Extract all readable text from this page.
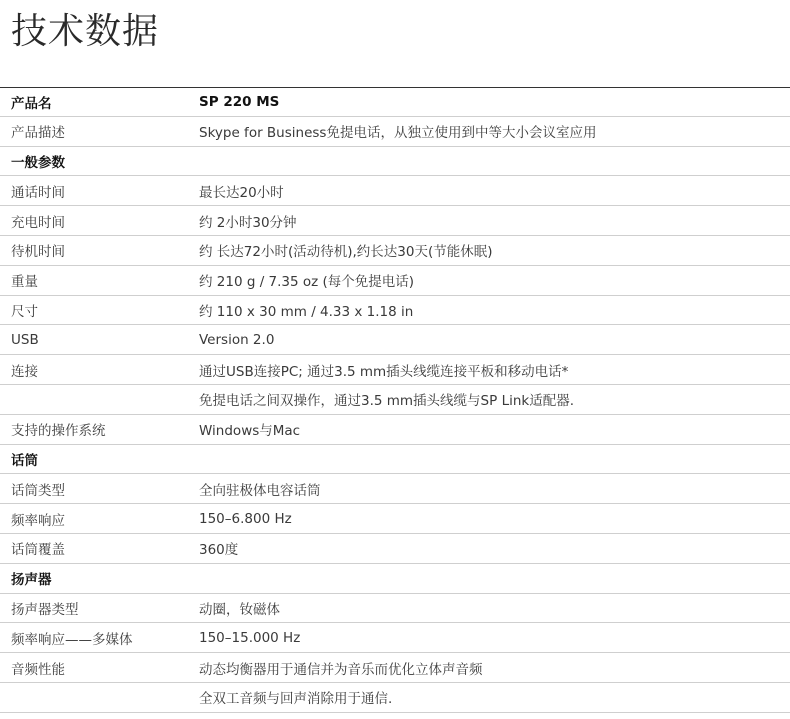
技术数据
产品名	SP 220 MS
产品描述	Skype for Business免提电话，从独立使用到中等大小会议室应用
一般参数
通话时间	最长达20小时
充电时间	约 2小时30分钟
待机时间	约 长达72小时(活动待机),约长达30天(节能休眠)
重量	约 210 g / 7.35 oz (每个免提电话)
尺寸	约 110 x 30 mm / 4.33 x 1.18 in
USB	Version 2.0
连接	通过USB连接PC; 通过3.5 mm插头线缆连接平板和移动电话*
免提电话之间双操作，通过3.5 mm插头线缆与SP Link适配器.
支持的操作系统	Windows与Mac
话筒
话筒类型	全向驻极体电容话筒
频率响应	150–6.800 Hz
话筒覆盖	360度
扬声器
扬声器类型	动圈，钕磁体
频率响应——多媒体	150–15.000 Hz
音频性能	动态均衡器用于通信并为音乐而优化立体声音频
全双工音频与回声消除用于通信.
